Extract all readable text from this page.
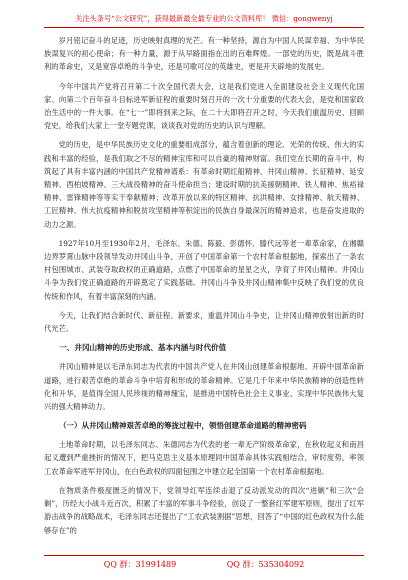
关注头条号“公文研究”，获得最新最全最专业的公文资料库！ 微信：gongwenyj

岁月铭记奋斗的足迹，历史映射真理的光芒。有一种坚持，源自为中国人民谋幸福、为中华民族谋复兴的初心使命；有一种力量，源于从早路面指在出的百难辉煌。一部党的历史，既是战斗胜利的革命史，又是宽容卓绝的斗争史，还是可歌可泣的英雄史，更是开天辟地的发展史。

今年中国共产党将召开第二十次全国代表大会，这是我们党进入全面建设社会主义现代化国家、向第二个百年奋斗目标进军新征程的重要时刻召开的一次十分重要的代表大会，是党和国家政治生活中的一件大事。在“七一”即将到来之际，在二十大即将召开之时，今天我们重温历史、回顾党史，给我们大家上一堂专题党课，谈谈我对党的历史的认识与理解。

党的历史，是中华民族历史文化的重要组成部分，蕴含着创新的理论、光荣的传统、伟大的实践和丰富的经验，是我们取之不尽的精神宝库和可以自豪的精神财富。我们党在长期的奋斗中，构筑起了具有丰富内涵的中国共产党精神谱系：有革命时期红船精神、井冈山精神、长征精神、延安精神、西柏坡精神、三大战役精神的奋斗使命担当；建设时期的抗美援朝精神、铁人精神、焦裕禄精神、雷锋精神等等实干奉献精神；改革开放以来的特区精神、抗洪精神、女排精神、航天精神、工匠精神、伟大抗疫精神和脱贫攻坚精神等积淀出的民族自身最深沉的精神追求，也是奋发进取的动力之源。

1927年10月至1930年2月，毛泽东、朱德、陈毅、彭德怀、滕代远等老一辈革命家，在湘赣边界罗霄山脉中段领导发动井冈山斗争，开创了中国革命第一个农村革命根据地，探索出了一条农村包围城市、武装夺取政权的正确道路，点燃了中国革命的星星之火，孕育了井冈山精神。井冈山斗争为我们党正确道路的开辟奠定了实践基础。井冈山斗争及井冈山精神集中反映了我们党的优良传统和作风，有着丰富深刻的内涵。

今天，让我们结合新时代、新征程、新要求，重温井冈山斗争史，让井冈山精神放射出新的时代光芒。

一、井冈山精神的历史形成、基本内涵与时代价值

井冈山精神是以毛泽东同志为代表的中国共产党人在井冈山创建革命根据地、开辟中国革命新道路，进行艰苦卓绝的革命斗争中培育和形成的革命精神。它是几千年来中华民族精神的创造性转化和升华，是值得全国人民珍视的精神瑰宝，是推进中国特色社会主义事业、实现中华民族伟大复兴的强大精神动力。

（一）从井冈山精神艰苦卓绝的筹拢过程中，领悟创建革命道路的精神密码

土地革命时期，以毛泽东同志、朱德同志为代表的老一辈无产阶级革命家，在秋收起义和南昌起义遭到严重挫折的情况下，把马克思主义基本原理同中国革命具体实践相结合，审时度势，率领工农革命军进军井冈山，在白色政权的四面包围之中建立起全国第一个农村革命根据地。

在物质条件极度匮乏的情况下，党领导红军连续击退了反动派发动的四次“进剿”和三次“会剿”，历经大小战斗近百次，积累了丰富的军事斗争经验，创设了一整套红军建军原则，提出了红军游击战争的战略战术，毛泽东同志还提出了“工农武装割据”思想，回答了“中国的红色政权为什么能够存在”的

QQ 群：31991489	QQ 群：535304092
